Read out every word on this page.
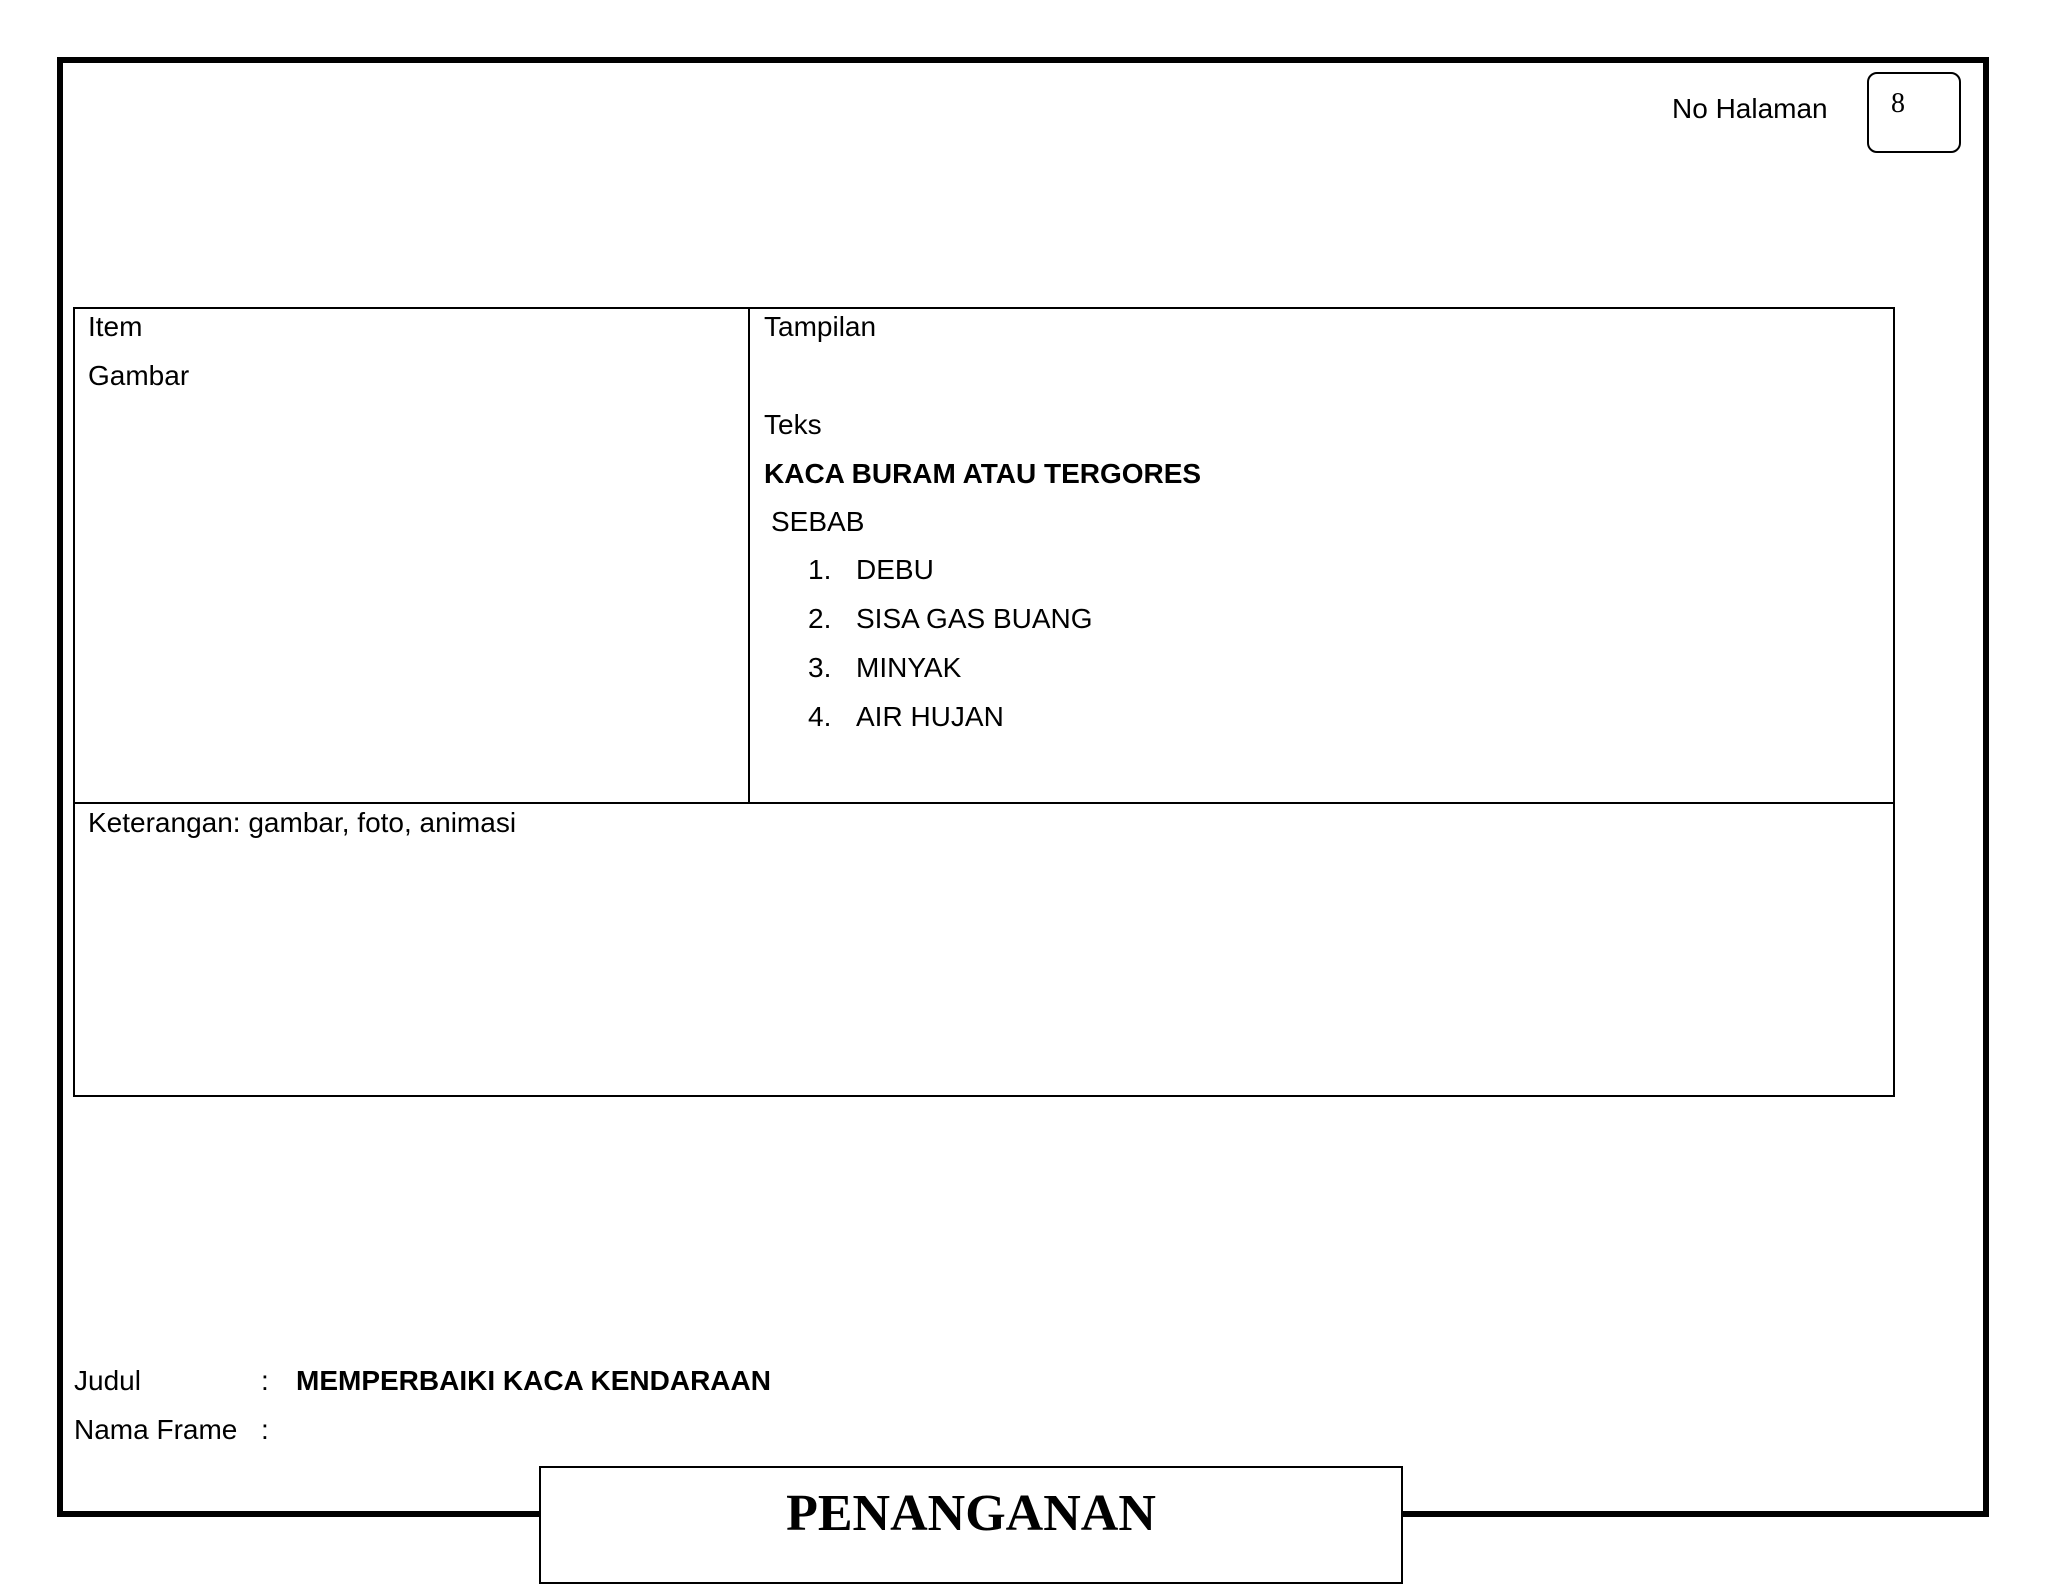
No Halaman	8
Item
Gambar
Tampilan
Teks
KACA BURAM ATAU TERGORES
SEBAB
1. DEBU
2. SISA GAS BUANG
3. MINYAK
4. AIR HUJAN
Keterangan: gambar, foto, animasi
Judul	: MEMPERBAIKI KACA KENDARAAN
Nama Frame :
PENANGANAN
